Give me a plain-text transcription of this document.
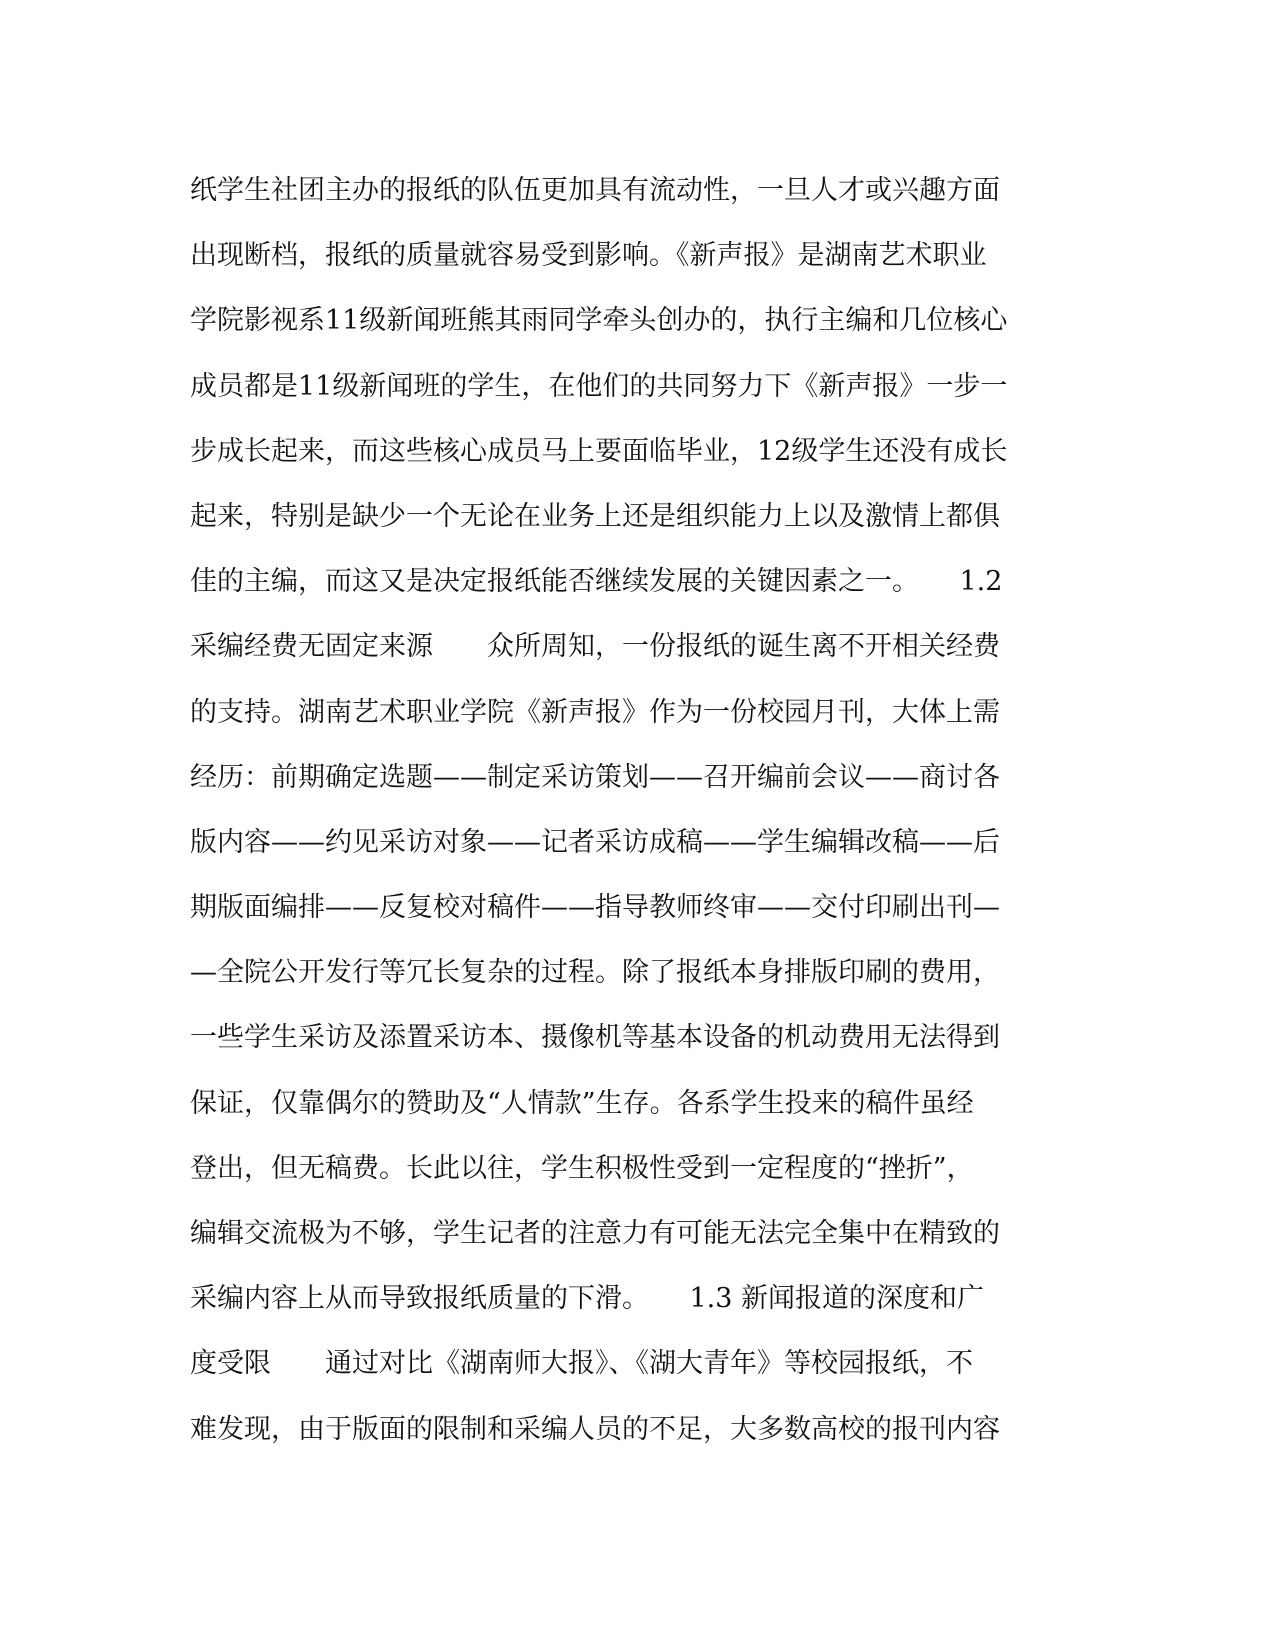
纸学生社团主办的报纸的队伍更加具有流动性，一旦人才或兴趣方面
出现断档，报纸的质量就容易受到影响。《新声报》是湖南艺术职业
学院影视系11级新闻班熊其雨同学牵头创办的，执行主编和几位核心
成员都是11级新闻班的学生，在他们的共同努力下《新声报》一步一
步成长起来，而这些核心成员马上要面临毕业，12级学生还没有成长
起来，特别是缺少一个无论在业务上还是组织能力上以及激情上都俱
佳的主编，而这又是决定报纸能否继续发展的关键因素之一。　　1.2
采编经费无固定来源　　众所周知，一份报纸的诞生离不开相关经费
的支持。湖南艺术职业学院《新声报》作为一份校园月刊，大体上需
经历：前期确定选题——制定采访策划——召开编前会议——商讨各
版内容——约见采访对象——记者采访成稿——学生编辑改稿——后
期版面编排——反复校对稿件——指导教师终审——交付印刷出刊—
—全院公开发行等冗长复杂的过程。除了报纸本身排版印刷的费用，
一些学生采访及添置采访本、摄像机等基本设备的机动费用无法得到
保证，仅靠偶尔的赞助及“人情款”生存。各系学生投来的稿件虽经
登出，但无稿费。长此以往，学生积极性受到一定程度的“挫折”，
编辑交流极为不够，学生记者的注意力有可能无法完全集中在精致的
采编内容上从而导致报纸质量的下滑。　　1.3 新闻报道的深度和广
度受限　　通过对比《湖南师大报》、《湖大青年》等校园报纸，不
难发现，由于版面的限制和采编人员的不足，大多数高校的报刊内容
